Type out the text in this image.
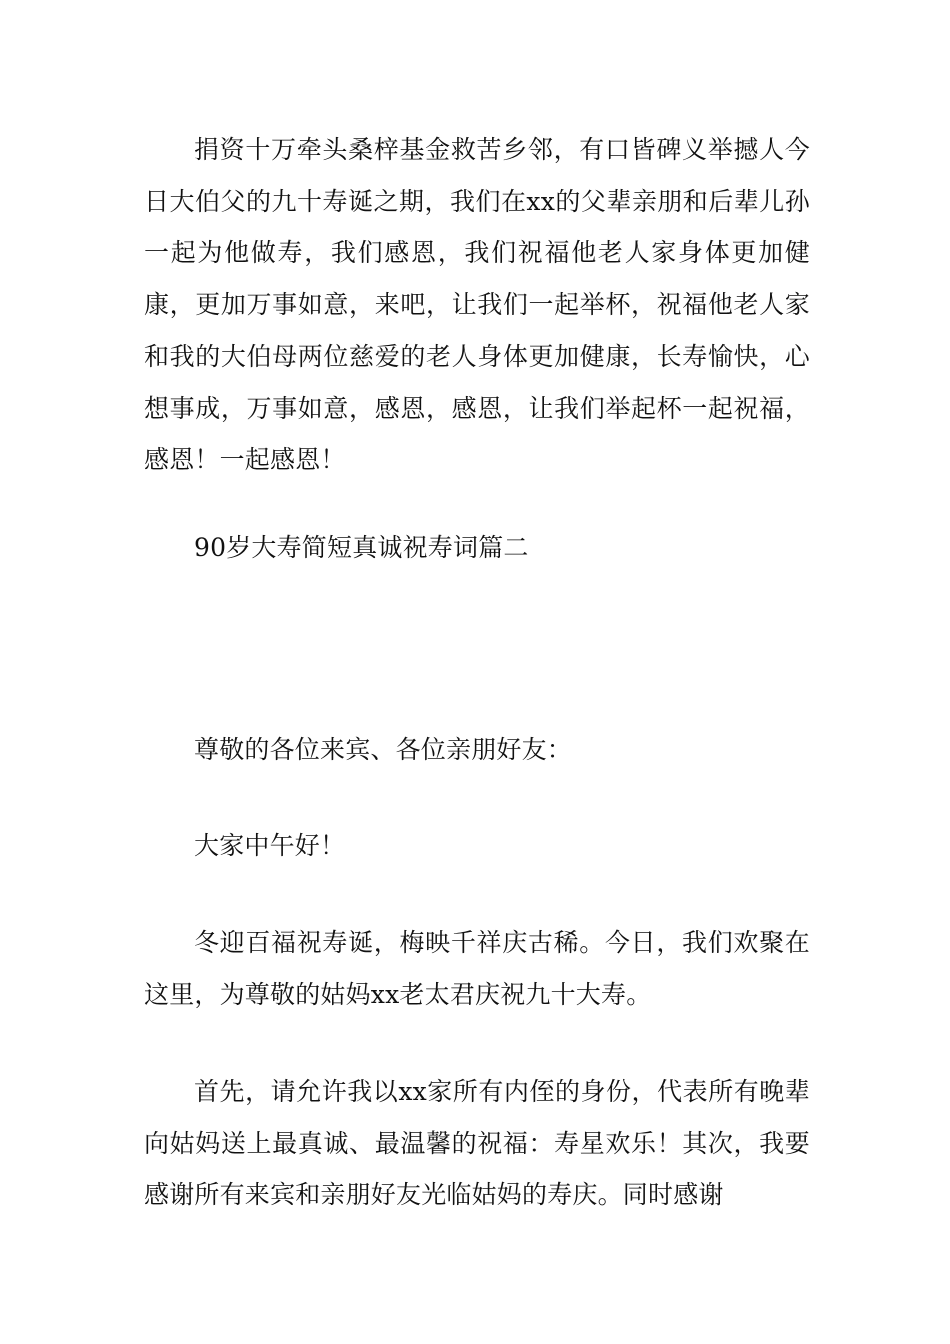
捐资十万牵头桑梓基金救苦乡邻，有口皆碑义举撼人今日大伯父的九十寿诞之期，我们在xx的父辈亲朋和后辈儿孙一起为他做寿，我们感恩，我们祝福他老人家身体更加健康，更加万事如意，来吧，让我们一起举杯，祝福他老人家和我的大伯母两位慈爱的老人身体更加健康，长寿愉快，心想事成，万事如意，感恩，感恩，让我们举起杯一起祝福，感恩！一起感恩！

90岁大寿简短真诚祝寿词篇二

尊敬的各位来宾、各位亲朋好友：

大家中午好！

冬迎百福祝寿诞，梅映千祥庆古稀。今日，我们欢聚在这里，为尊敬的姑妈xx老太君庆祝九十大寿。

首先，请允许我以xx家所有内侄的身份，代表所有晚辈向姑妈送上最真诚、最温馨的祝福：寿星欢乐！其次，我要感谢所有来宾和亲朋好友光临姑妈的寿庆。同时感谢
